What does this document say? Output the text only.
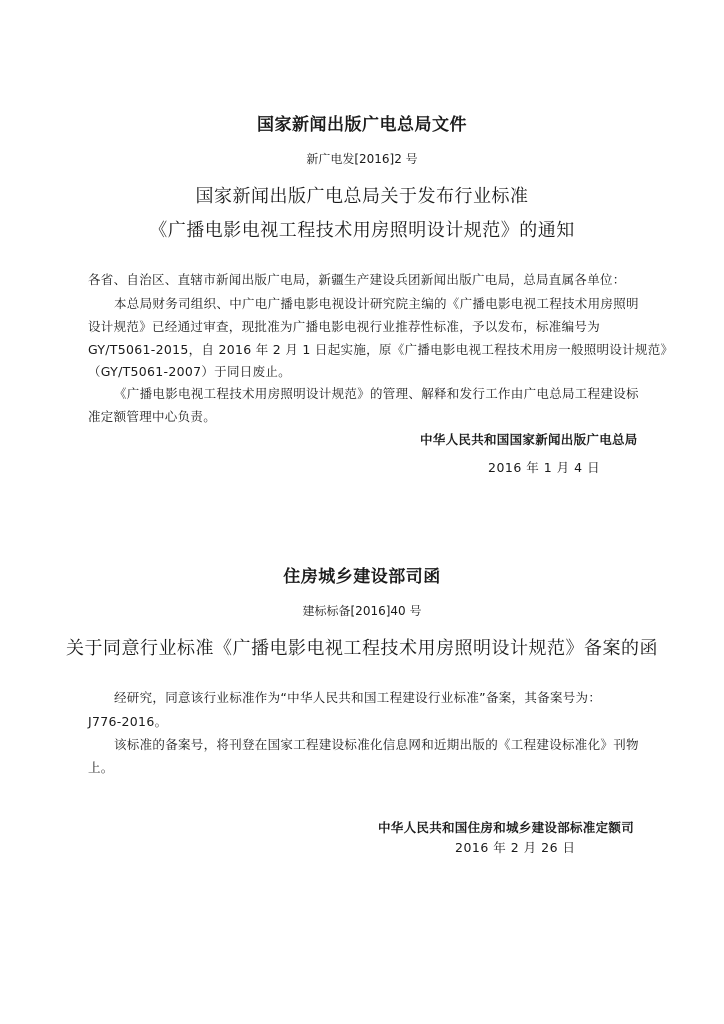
国家新闻出版广电总局文件
新广电发[2016]2 号
国家新闻出版广电总局关于发布行业标准
《广播电影电视工程技术用房照明设计规范》的通知
各省、自治区、直辖市新闻出版广电局，新疆生产建设兵团新闻出版广电局，总局直属各单位：
本总局财务司组织、中广电广播电影电视设计研究院主编的《广播电影电视工程技术用房照明
设计规范》已经通过审查，现批准为广播电影电视行业推荐性标准，予以发布，标准编号为
GY/T5061-2015，自 2016 年 2 月 1 日起实施，原《广播电影电视工程技术用房一般照明设计规范》
（GY/T5061-2007）于同日废止。
《广播电影电视工程技术用房照明设计规范》的管理、解释和发行工作由广电总局工程建设标
准定额管理中心负责。
中华人民共和国国家新闻出版广电总局
2016 年 1 月 4 日
住房城乡建设部司函
建标标备[2016]40 号
关于同意行业标准《广播电影电视工程技术用房照明设计规范》备案的函
经研究，同意该行业标准作为“中华人民共和国工程建设行业标准”备案，其备案号为：
J776-2016。
该标准的备案号，将刊登在国家工程建设标准化信息网和近期出版的《工程建设标准化》刊物
上。
中华人民共和国住房和城乡建设部标准定额司
2016 年 2 月 26 日
